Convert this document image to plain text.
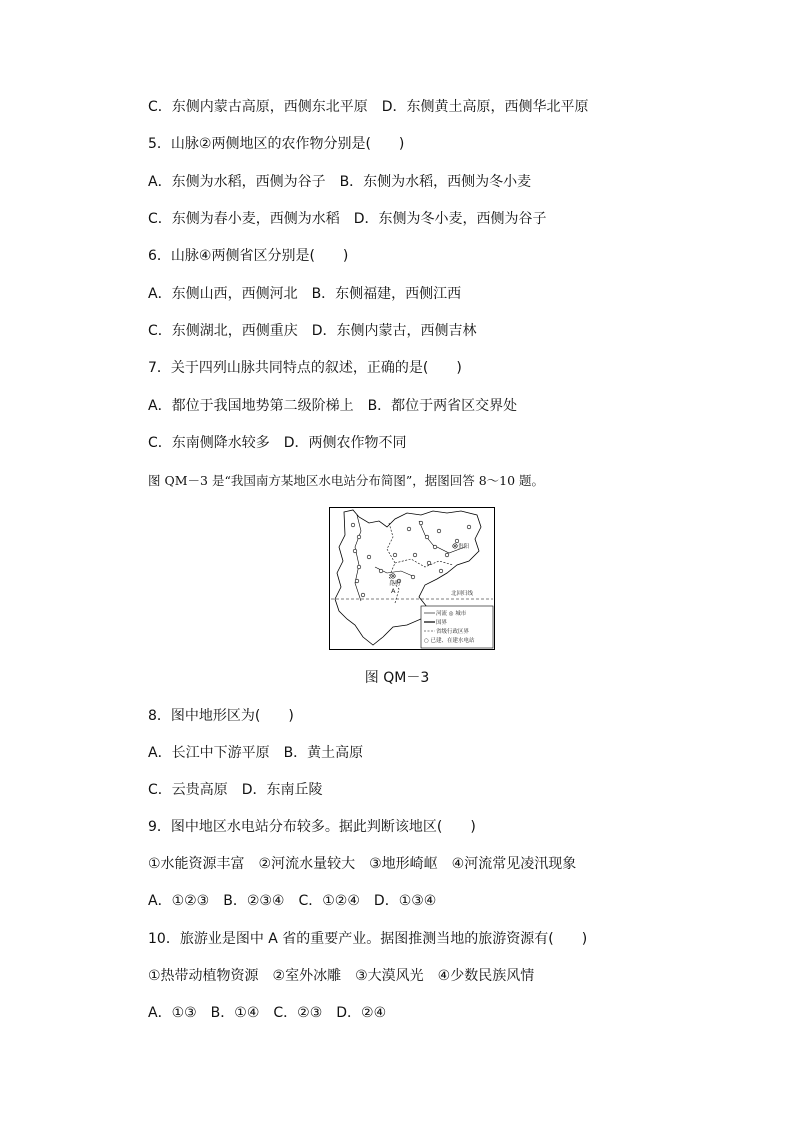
C．东侧内蒙古高原，西侧东北平原　D．东侧黄土高原，西侧华北平原
5．山脉②两侧地区的农作物分别是(　　)
A．东侧为水稻，西侧为谷子　B．东侧为水稻，西侧为冬小麦
C．东侧为春小麦，西侧为水稻　D．东侧为冬小麦，西侧为谷子
6．山脉④两侧省区分别是(　　)
A．东侧山西，西侧河北　B．东侧福建，西侧江西
C．东侧湖北，西侧重庆　D．东侧内蒙古，西侧吉林
7．关于四列山脉共同特点的叙述，正确的是(　　)
A．都位于我国地势第二级阶梯上　B．都位于两省区交界处
C．东南侧降水较多　D．两侧农作物不同
图 QM－3 是“我国南方某地区水电站分布简图”，据图回答 8～10 题。
贵阳
昆明
A	北回归线
河流 ◎ 城市
国界
省级行政区界
○ 已建、在建水电站
图 QM－3
8．图中地形区为(　　)
A．长江中下游平原　B．黄土高原
C．云贵高原　D．东南丘陵
9．图中地区水电站分布较多。据此判断该地区(　　)
①水能资源丰富　②河流水量较大　③地形崎岖　④河流常见凌汛现象
A．①②③　B．②③④　C．①②④　D．①③④
10．旅游业是图中 A 省的重要产业。据图推测当地的旅游资源有(　　)
①热带动植物资源　②室外冰雕　③大漠风光　④少数民族风情
A．①③　B．①④　C．②③　D．②④
